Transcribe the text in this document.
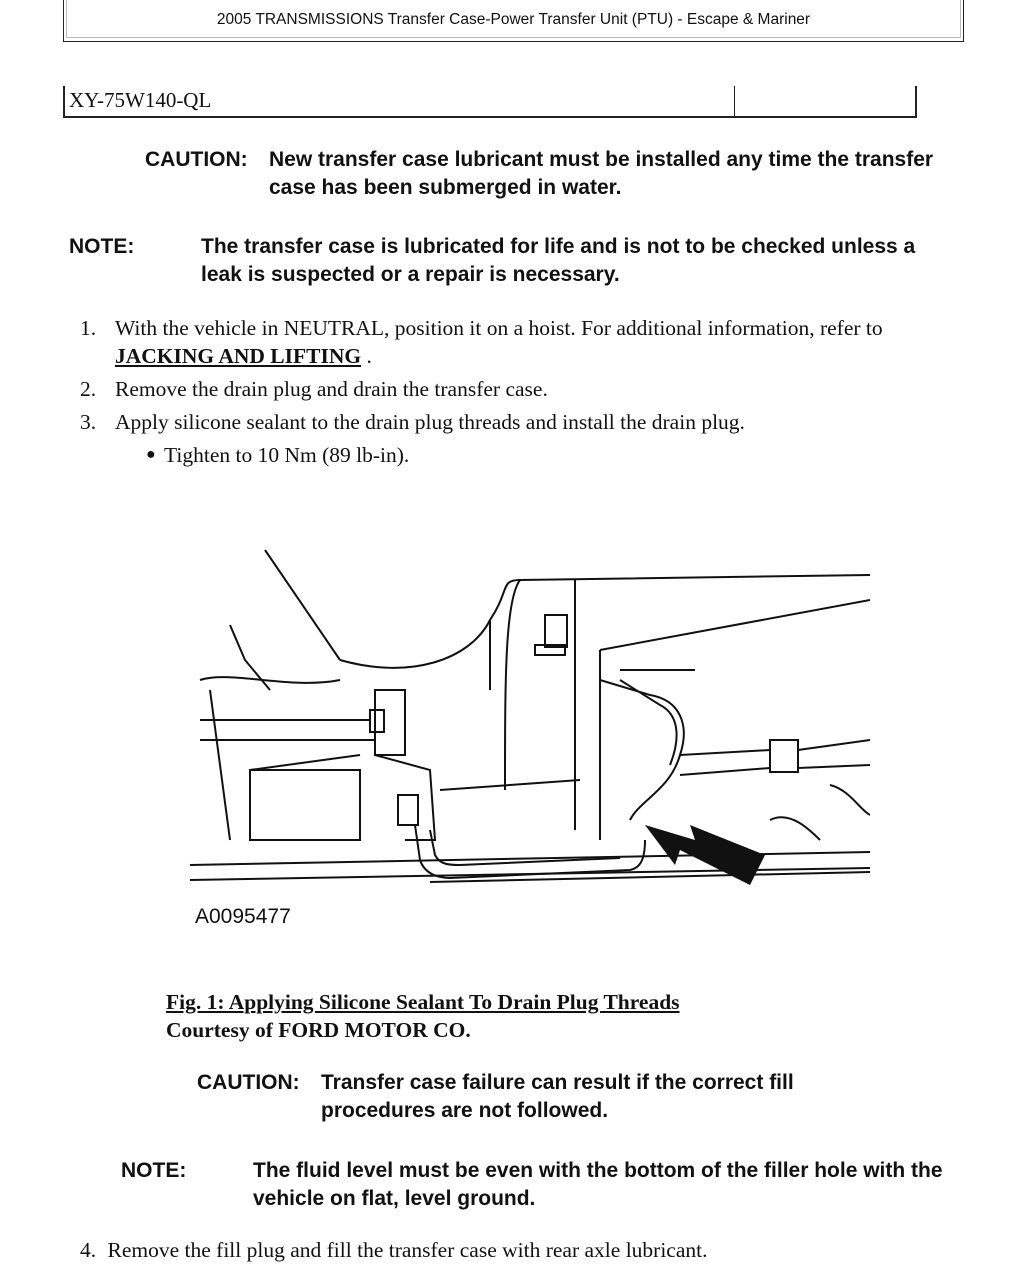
2005 TRANSMISSIONS Transfer Case-Power Transfer Unit (PTU) - Escape & Mariner
XY-75W140-QL
CAUTION: New transfer case lubricant must be installed any time the transfer case has been submerged in water.
NOTE:	The transfer case is lubricated for life and is not to be checked unless a leak is suspected or a repair is necessary.
1. With the vehicle in NEUTRAL, position it on a hoist. For additional information, refer to JACKING AND LIFTING .
2. Remove the drain plug and drain the transfer case.
3. Apply silicone sealant to the drain plug threads and install the drain plug.
● Tighten to 10 Nm (89 lb-in).
A0095477
Fig. 1: Applying Silicone Sealant To Drain Plug Threads
Courtesy of FORD MOTOR CO.
CAUTION: Transfer case failure can result if the correct fill procedures are not followed.
NOTE:	The fluid level must be even with the bottom of the filler hole with the vehicle on flat, level ground.
4. Remove the fill plug and fill the transfer case with rear axle lubricant.
